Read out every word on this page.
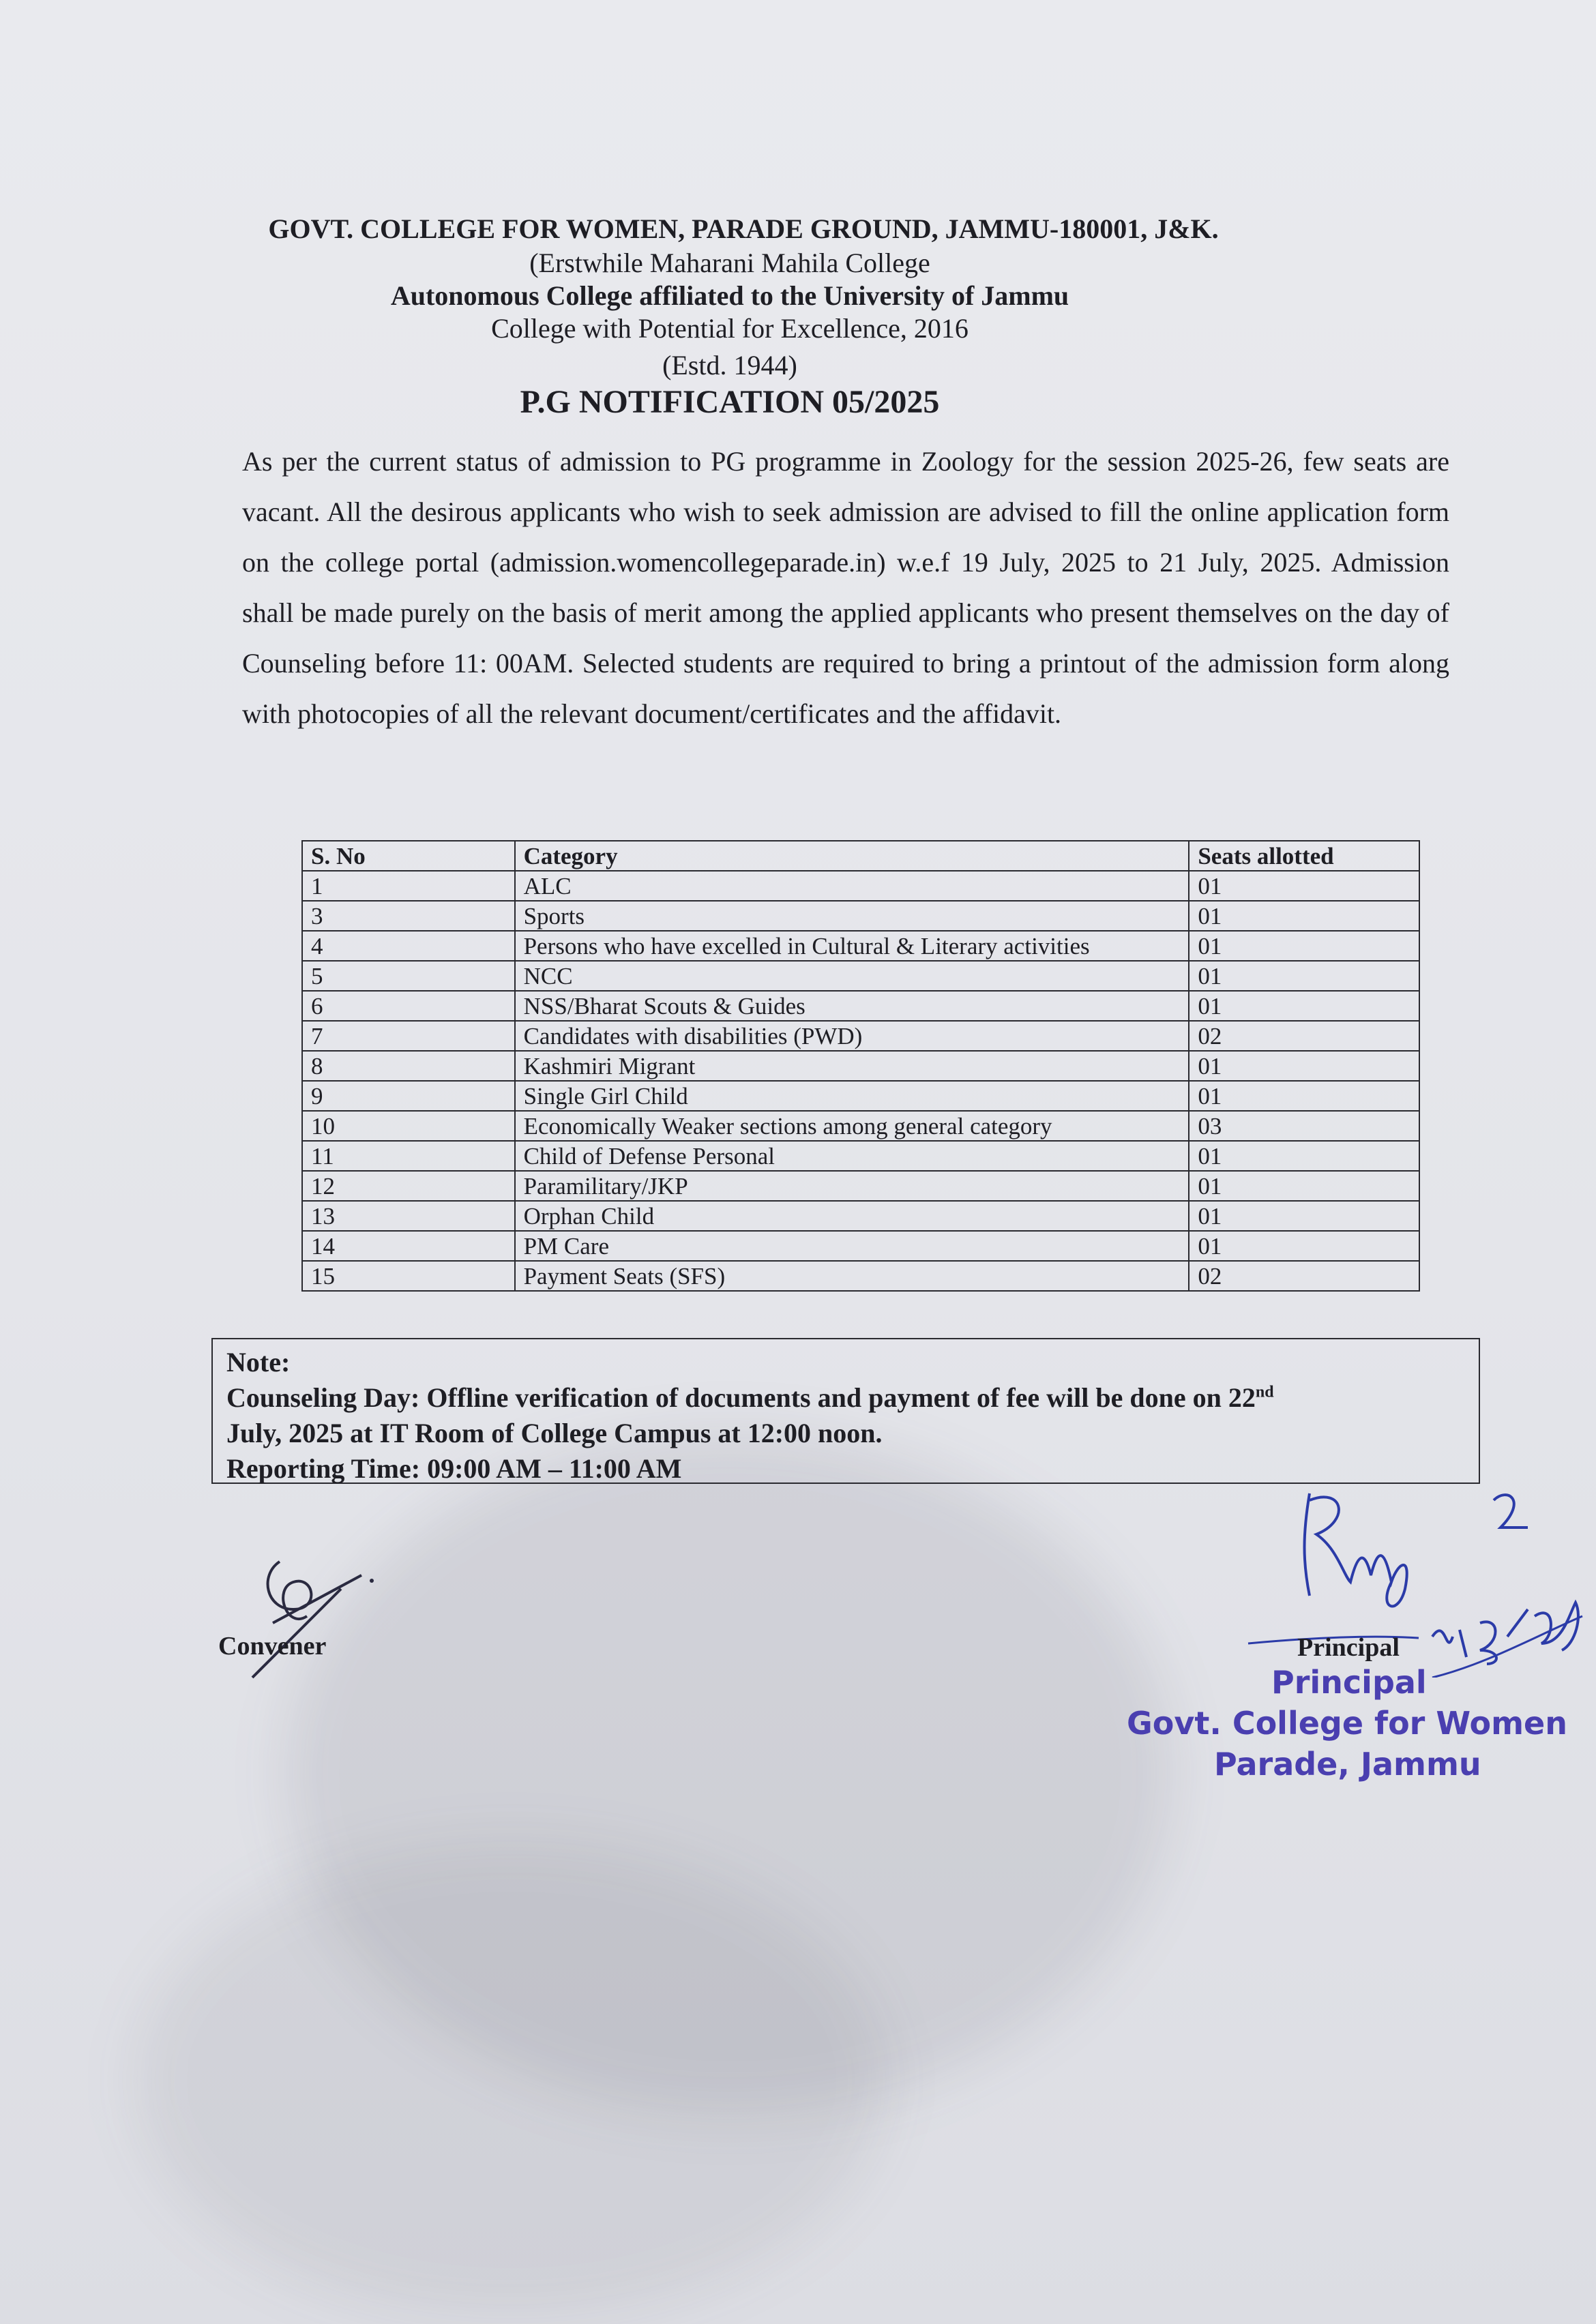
GOVT. COLLEGE FOR WOMEN, PARADE GROUND, JAMMU-180001, J&K.
(Erstwhile Maharani Mahila College
Autonomous College affiliated to the University of Jammu
College with Potential for Excellence, 2016
(Estd. 1944)
P.G NOTIFICATION 05/2025
As per the current status of admission to PG programme in Zoology for the session 2025-26, few seats are vacant. All the desirous applicants who wish to seek admission are advised to fill the online application form on the college portal (admission.womencollegeparade.in) w.e.f 19 July, 2025 to 21 July, 2025. Admission shall be made purely on the basis of merit among the applied applicants who present themselves on the day of Counseling before 11: 00AM. Selected students are required to bring a printout of the admission form along with photocopies of all the relevant document/certificates and the affidavit.
S. No	Category	Seats allotted
1	ALC	01
3	Sports	01
4	Persons who have excelled in Cultural & Literary activities	01
5	NCC	01
6	NSS/Bharat Scouts & Guides	01
7	Candidates with disabilities (PWD)	02
8	Kashmiri Migrant	01
9	Single Girl Child	01
10	Economically Weaker sections among general category	03
11	Child of Defense Personal	01
12	Paramilitary/JKP	01
13	Orphan Child	01
14	PM Care	01
15	Payment Seats (SFS)	02
Note:
Counseling Day: Offline verification of documents and payment of fee will be done on 22nd
July, 2025 at IT Room of College Campus at 12:00 noon.
Reporting Time: 09:00 AM – 11:00 AM
Convener	Principal
Principal
Govt. College for Women
Parade, Jammu
